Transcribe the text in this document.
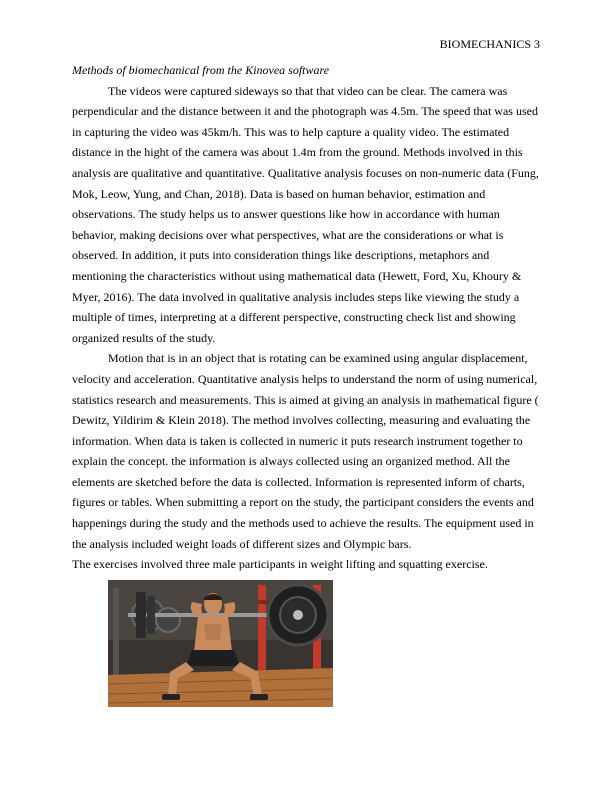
BIOMECHANICS 3

Methods of biomechanical from the Kinovea software

The videos were captured sideways so that that video can be clear. The camera was perpendicular and the distance between it and the photograph was 4.5m. The speed that was used in capturing the video was 45km/h. This was to help capture a quality video. The estimated distance in the hight of the camera was about 1.4m from the ground. Methods involved in this analysis are qualitative and quantitative. Qualitative analysis focuses on non-numeric data (Fung, Mok, Leow, Yung, and Chan, 2018). Data is based on human behavior, estimation and observations. The study helps us to answer questions like how in accordance with human behavior, making decisions over what perspectives, what are the considerations or what is observed. In addition, it puts into consideration things like descriptions, metaphors and mentioning the characteristics without using mathematical data (Hewett, Ford, Xu, Khoury & Myer, 2016). The data involved in qualitative analysis includes steps like viewing the study a multiple of times, interpreting at a different perspective, constructing check list and showing organized results of the study.

Motion that is in an object that is rotating can be examined using angular displacement, velocity and acceleration. Quantitative analysis helps to understand the norm of using numerical, statistics research and measurements. This is aimed at giving an analysis in mathematical figure ( Dewitz, Yildirim & Klein 2018). The method involves collecting, measuring and evaluating the information. When data is taken is collected in numeric it puts research instrument together to explain the concept. the information is always collected using an organized method. All the elements are sketched before the data is collected. Information is represented inform of charts, figures or tables. When submitting a report on the study, the participant considers the events and happenings during the study and the methods used to achieve the results. The equipment used in the analysis included weight loads of different sizes and Olympic bars.

The exercises involved three male participants in weight lifting and squatting exercise.
